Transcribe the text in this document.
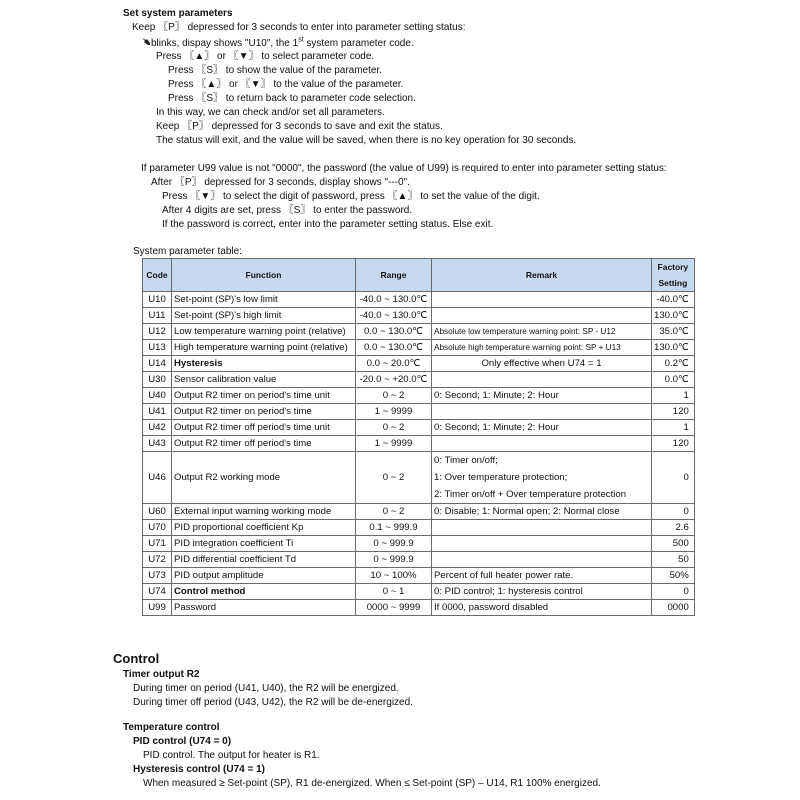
Set system parameters
Keep 〖P〗 depressed for 3 seconds to enter into parameter setting status:
blinks, dispay shows "U10", the 1st system parameter code.
Press 〖▲〗 or 〖▼〗 to select parameter code.
Press 〖S〗 to show the value of the parameter.
Press 〖▲〗 or 〖▼〗 to the value of the parameter.
Press 〖S〗 to return back to parameter code selection.
In this way, we can check and/or set all parameters.
Keep 〖P〗 depressed for 3 seconds to save and exit the status.
The status will exit, and the value will be saved, when there is no key operation for 30 seconds.
If parameter U99 value is not "0000", the password (the value of U99) is required to enter into parameter setting status:
After 〖P〗 depressed for 3 seconds, display shows "---0".
Press 〖▼〗 to select the digit of password, press 〖▲〗 to set the value of the digit.
After 4 digits are set, press 〖S〗 to enter the password.
If the password is correct, enter into the parameter setting status. Else exit.
System parameter table:
Code	Function	Range	Remark	Factory
Setting
U10	Set-point (SP)'s low limit	-40.0 ~ 130.0℃		-40.0℃
U11	Set-point (SP)'s high limit	-40.0 ~ 130.0℃		130.0℃
U12	Low temperature warning point (relative)	0.0 ~ 130.0℃	Absolute low temperature warning point: SP - U12	35.0℃
U13	High temperature warning point (relative)	0.0 ~ 130.0℃	Absolute high temperature warning point: SP + U13	130.0℃
U14	Hysteresis	0.0 ~ 20.0℃	Only effective when U74 = 1	0.2℃
U30	Sensor calibration value	-20.0 ~ +20.0℃		0.0℃
U40	Output R2 timer on period's time unit	0 ~ 2	0: Second; 1: Minute; 2: Hour	1
U41	Output R2 timer on period's time	1 ~ 9999		120
U42	Output R2 timer off period's time unit	0 ~ 2	0: Second; 1: Minute; 2: Hour	1
U43	Output R2 timer off period's time	1 ~ 9999		120
U46	Output R2 working mode	0 ~ 2	0: Timer on/off;
1: Over temperature protection;
2: Timer on/off + Over temperature protection	0
U60	External input warning working mode	0 ~ 2	0: Disable; 1: Normal open; 2: Normal close	0
U70	PID proportional coefficient Kp	0.1 ~ 999.9		2.6
U71	PID integration coefficient Ti	0 ~ 999.9		500
U72	PID differential coefficient Td	0 ~ 999.9		50
U73	PID output amplitude	10 ~ 100%	Percent of full heater power rate.	50%
U74	Control method	0 ~ 1	0: PID control; 1: hysteresis control	0
U99	Password	0000 ~ 9999	If 0000, password disabled	0000
Control
Timer output R2
During timer on period (U41, U40), the R2 will be energized.
During timer off period (U43, U42), the R2 will be de-energized.
Temperature control
PID control (U74 = 0)
PID control. The output for heater is R1.
Hysteresis control (U74 = 1)
When measured ≥ Set-point (SP), R1 de-energized. When ≤ Set-point (SP) – U14, R1 100% energized.
